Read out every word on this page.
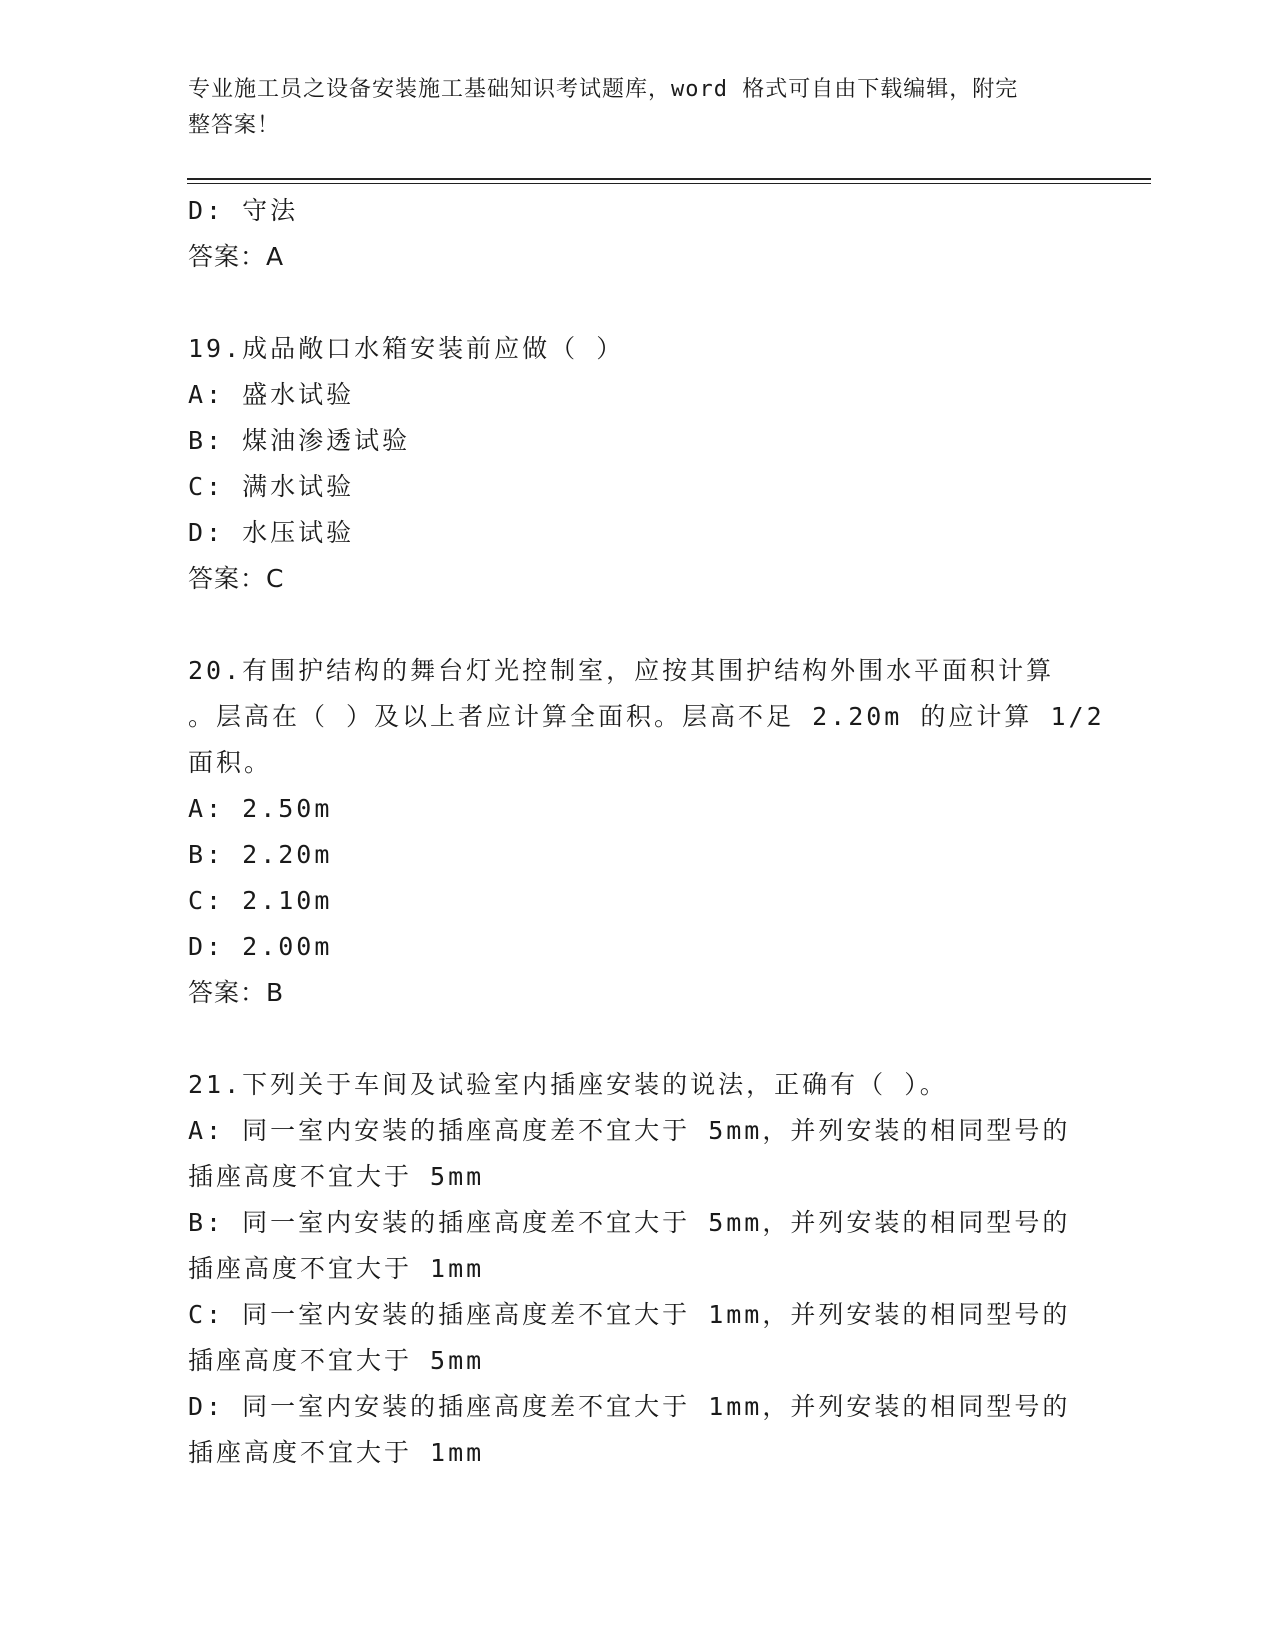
专业施工员之设备安装施工基础知识考试题库，word 格式可自由下载编辑，附完
整答案！
D: 守法
答案：A
19.成品敞口水箱安装前应做（ ）
A: 盛水试验
B: 煤油渗透试验
C: 满水试验
D: 水压试验
答案：C
20.有围护结构的舞台灯光控制室，应按其围护结构外围水平面积计算
。层高在（ ）及以上者应计算全面积。层高不足 2.20m 的应计算 1/2
面积。
A: 2.50m
B: 2.20m
C: 2.10m
D: 2.00m
答案：B
21.下列关于车间及试验室内插座安装的说法，正确有（ ）。
A: 同一室内安装的插座高度差不宜大于 5mm，并列安装的相同型号的
插座高度不宜大于 5mm
B: 同一室内安装的插座高度差不宜大于 5mm，并列安装的相同型号的
插座高度不宜大于 1mm
C: 同一室内安装的插座高度差不宜大于 1mm，并列安装的相同型号的
插座高度不宜大于 5mm
D: 同一室内安装的插座高度差不宜大于 1mm，并列安装的相同型号的
插座高度不宜大于 1mm
